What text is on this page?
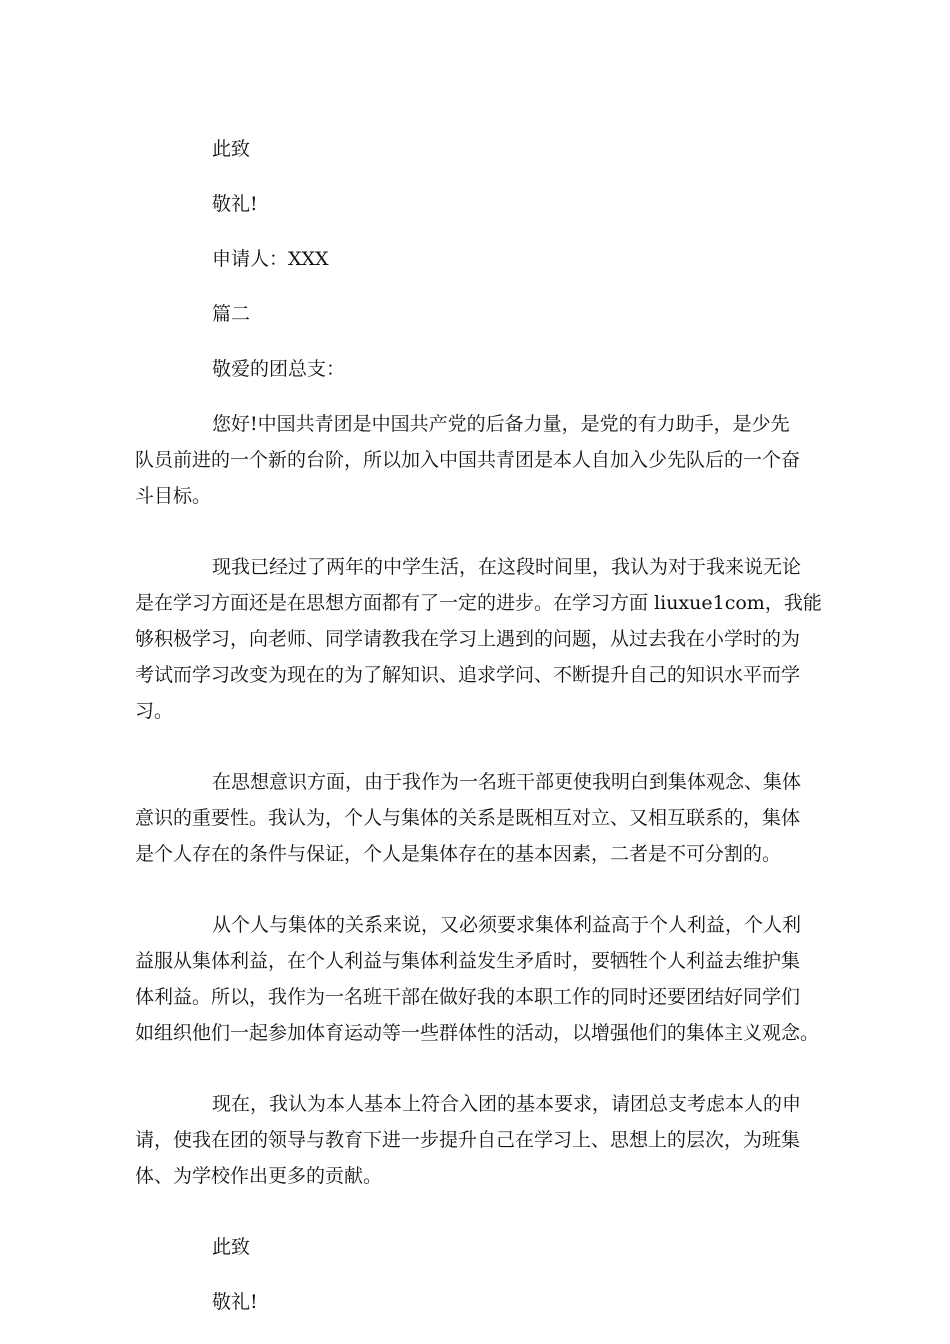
此致
敬礼!
申请人：XXX
篇二
敬爱的团总支：
您好!中国共青团是中国共产党的后备力量，是党的有力助手，是少先
队员前进的一个新的台阶，所以加入中国共青团是本人自加入少先队后的一个奋
斗目标。
现我已经过了两年的中学生活，在这段时间里，我认为对于我来说无论
是在学习方面还是在思想方面都有了一定的进步。在学习方面 liuxue1com，我能
够积极学习，向老师、同学请教我在学习上遇到的问题，从过去我在小学时的为
考试而学习改变为现在的为了解知识、追求学问、不断提升自己的知识水平而学
习。
在思想意识方面，由于我作为一名班干部更使我明白到集体观念、集体
意识的重要性。我认为，个人与集体的关系是既相互对立、又相互联系的，集体
是个人存在的条件与保证，个人是集体存在的基本因素，二者是不可分割的。
从个人与集体的关系来说，又必须要求集体利益高于个人利益，个人利
益服从集体利益，在个人利益与集体利益发生矛盾时，要牺牲个人利益去维护集
体利益。所以，我作为一名班干部在做好我的本职工作的同时还要团结好同学们
如组织他们一起参加体育运动等一些群体性的活动，以增强他们的集体主义观念。
现在，我认为本人基本上符合入团的基本要求，请团总支考虑本人的申
请，使我在团的领导与教育下进一步提升自己在学习上、思想上的层次，为班集
体、为学校作出更多的贡献。
此致
敬礼!
